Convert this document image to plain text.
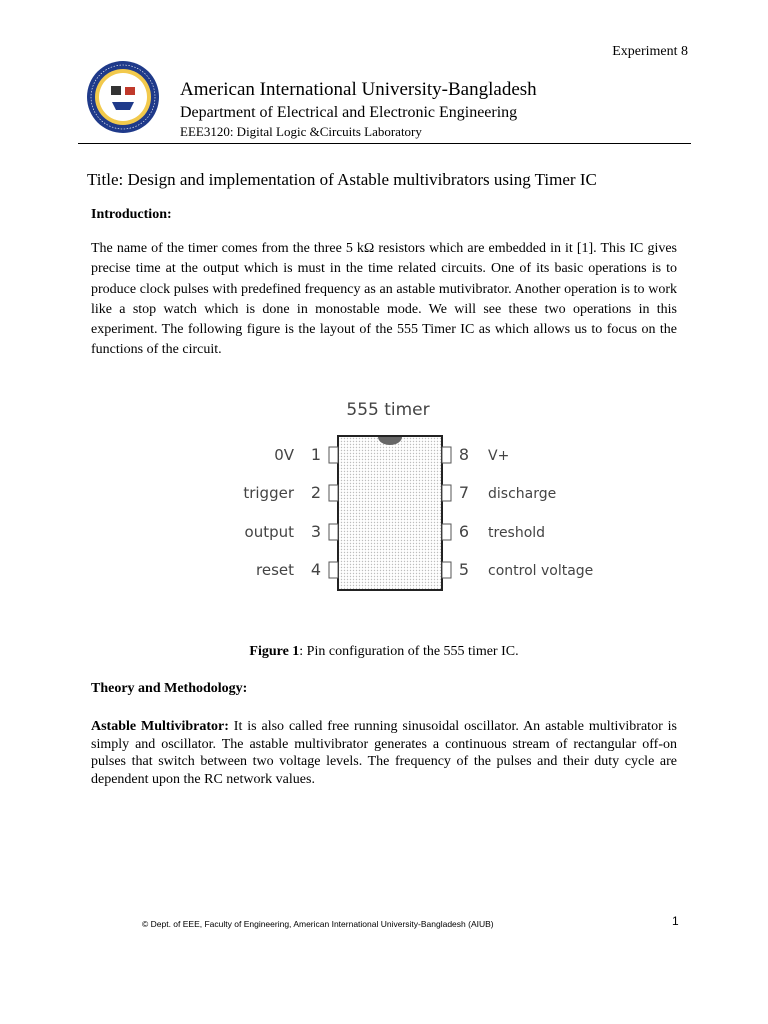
Experiment 8
American International University-Bangladesh
Department of Electrical and Electronic Engineering
EEE3120: Digital Logic &Circuits Laboratory
Title: Design and implementation of Astable multivibrators using Timer IC
Introduction:
The name of the timer comes from the three 5 kΩ resistors which are embedded in it [1]. This IC gives precise time at the output which is must in the time related circuits. One of its basic operations is to produce clock pulses with predefined frequency as an astable mutivibrator. Another operation is to work like a stop watch which is done in monostable mode. We will see these two operations in this experiment. The following figure is the layout of the 555 Timer IC as which allows us to focus on the functions of the circuit.
555 timer
0V
trigger
output
reset
1
2
3
4
8
7
6
5
V+
discharge
treshold
control voltage
Figure 1: Pin configuration of the 555 timer IC.
Theory and Methodology:
Astable Multivibrator: It is also called free running sinusoidal oscillator. An astable multivibrator is simply and oscillator. The astable multivibrator generates a continuous stream of rectangular off-on pulses that switch between two voltage levels. The frequency of the pulses and their duty cycle are dependent upon the RC network values.
© Dept. of EEE, Faculty of Engineering, American International University-Bangladesh (AIUB)	1
